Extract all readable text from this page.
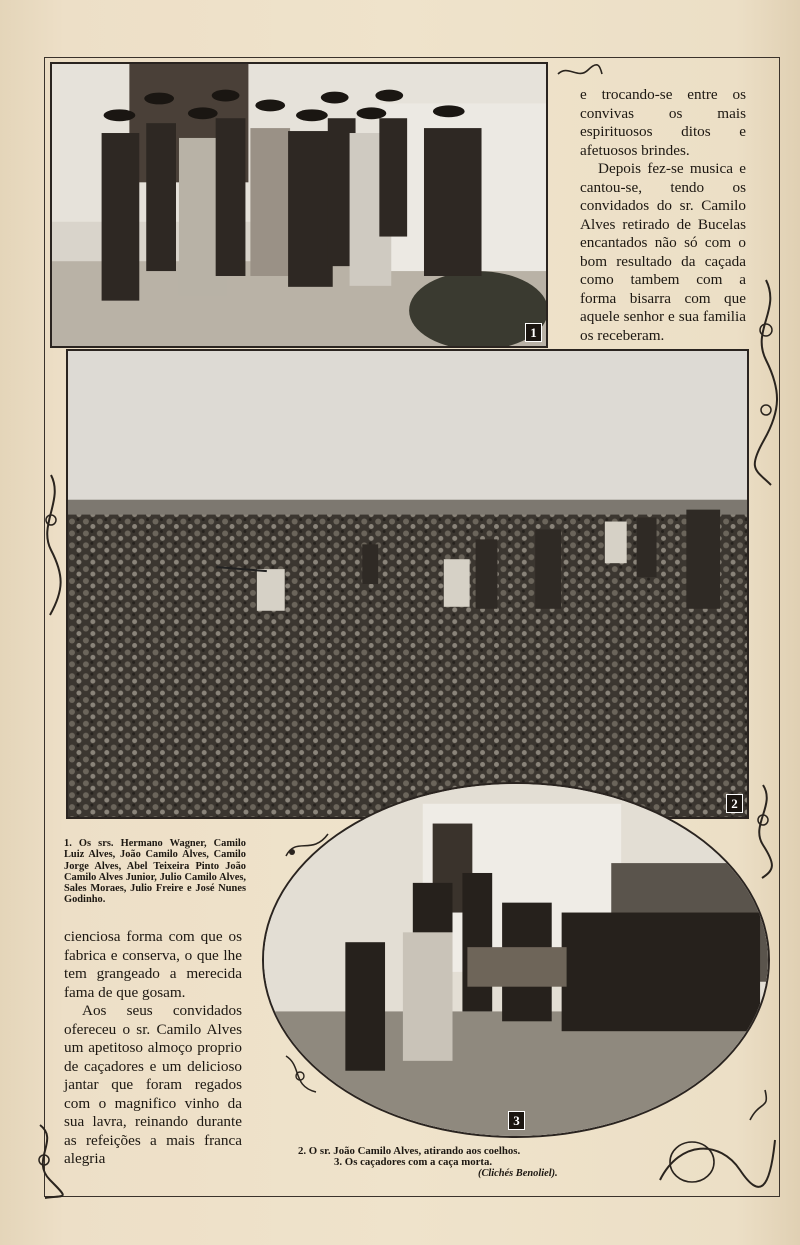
1

e trocando-se entre os convivas os mais espirituosos ditos e afetuosos brindes.

Depois fez-se musica e cantou-se, tendo os convidados do sr. Camilo Alves retirado de Bucelas encantados não só com o bom resultado da caçada como tambem com a forma bisarra com que aquele senhor e sua familia os receberam.

2
1. Os srs. Hermano Wagner, Camilo Luiz Alves, João Camilo Alves, Camilo Jorge Alves, Abel Teixeira Pinto João Camilo Alves Junior, Julio Camilo Alves, Sales Moraes, Julio Freire e José Nunes Godinho.

cienciosa forma com que os fabrica e conserva, o que lhe tem grangeado a merecida fama de que gosam.

Aos seus convidados ofereceu o sr. Camilo Alves um apetitoso almoço proprio de caçadores e um delicioso jantar que foram regados com o magnifico vinho da sua lavra, reinando durante as refeições a mais franca alegria

3
2. O sr. João Camilo Alves, atirando aos coelhos.
3. Os caçadores com a caça morta.
(Clichés Benoliel).
